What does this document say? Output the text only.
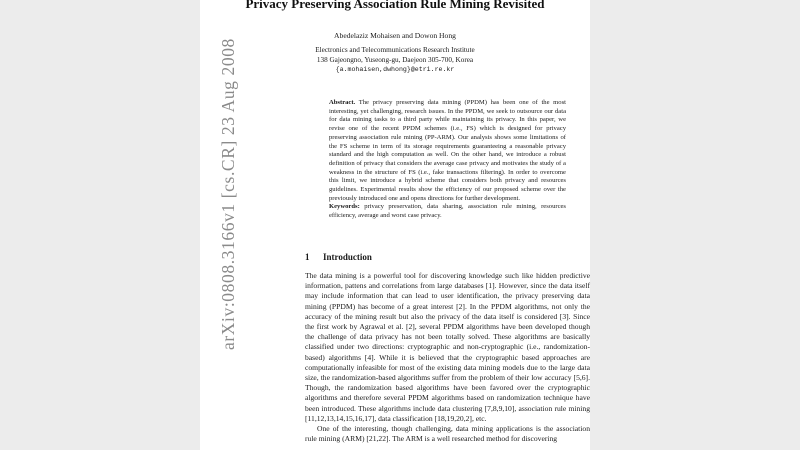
arXiv:0808.3166v1 [cs.CR] 23 Aug 2008
Privacy Preserving Association Rule Mining Revisited
Abedelaziz Mohaisen and Dowon Hong
Electronics and Telecommunications Research Institute
138 Gajeongno, Yuseong-gu, Daejeon 305-700, Korea
{a.mohaisen,dwhong}@etri.re.kr
Abstract. The privacy preserving data mining (PPDM) has been one of the most interesting, yet challenging, research issues. In the PPDM, we seek to outsource our data for data mining tasks to a third party while maintaining its privacy. In this paper, we revise one of the recent PPDM schemes (i.e., FS) which is designed for privacy preserving association rule mining (PP-ARM). Our analysis shows some limitations of the FS scheme in term of its storage requirements guaranteeing a reasonable privacy standard and the high computation as well. On the other hand, we introduce a robust definition of privacy that considers the average case privacy and motivates the study of a weakness in the structure of FS (i.e., fake transactions filtering). In order to overcome this limit, we introduce a hybrid scheme that considers both privacy and resources guidelines. Experimental results show the efficiency of our proposed scheme over the previously introduced one and opens directions for further development.
Keywords: privacy preservation, data sharing, association rule mining, resources efficiency, average and worst case privacy.
1 Introduction

The data mining is a powerful tool for discovering knowledge such like hidden predictive information, pattens and correlations from large databases [1]. However, since the data itself may include information that can lead to user identification, the privacy preserving data mining (PPDM) has become of a great interest [2]. In the PPDM algorithms, not only the accuracy of the mining result but also the privacy of the data itself is considered [3]. Since the first work by Agrawal et al. [2], several PPDM algorithms have been developed though the challenge of data privacy has not been totally solved. These algorithms are basically classified under two directions: cryptographic and non-cryptographic (i.e., randomization-based) algorithms [4]. While it is believed that the cryptographic based approaches are computationally infeasible for most of the existing data mining models due to the large data size, the randomization-based algorithms suffer from the problem of their low accuracy [5,6]. Though, the randomization based algorithms have been favored over the cryptographic algorithms and therefore several PPDM algorithms based on randomization technique have been introduced. These algorithms include data clustering [7,8,9,10], association rule mining [11,12,13,14,15,16,17], data classification [18,19,20,2], etc.

One of the interesting, though challenging, data mining applications is the association rule mining (ARM) [21,22]. The ARM is a well researched method for discovering
